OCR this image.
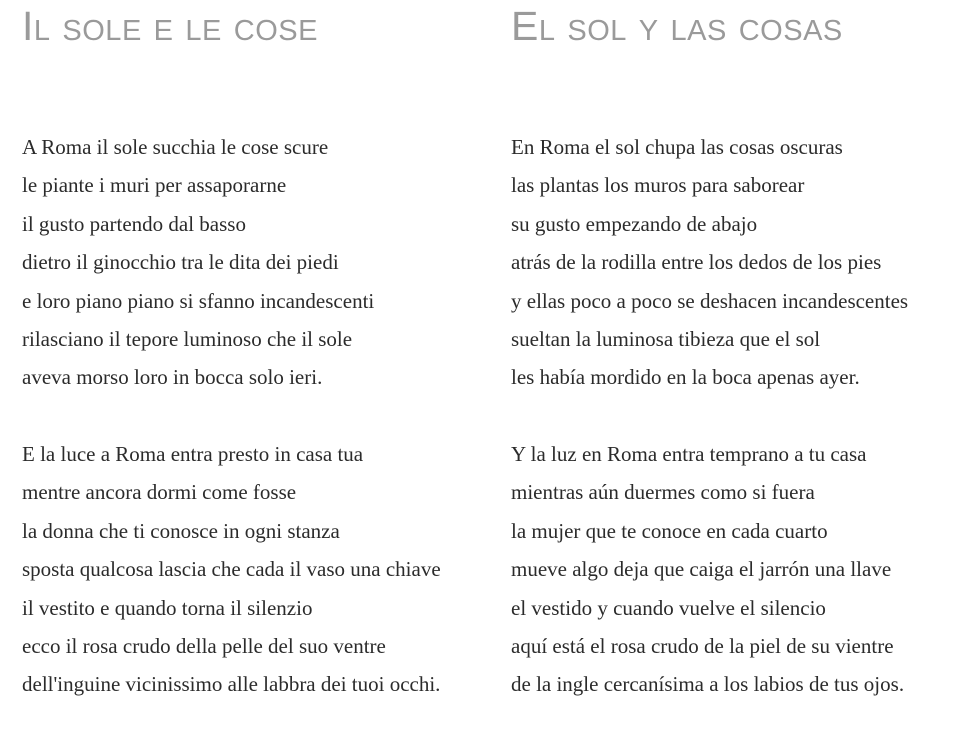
Il sole e le cose
A Roma il sole succhia le cose scure
le piante i muri per assaporarne
il gusto partendo dal basso
dietro il ginocchio tra le dita dei piedi
e loro piano piano si sfanno incandescenti
rilasciano il tepore luminoso che il sole
aveva morso loro in bocca solo ieri.
E la luce a Roma entra presto in casa tua
mentre ancora dormi come fosse
la donna che ti conosce in ogni stanza
sposta qualcosa lascia che cada il vaso una chiave
il vestito e quando torna il silenzio
ecco il rosa crudo della pelle del suo ventre
dell'inguine vicinissimo alle labbra dei tuoi occhi.
El sol y las cosas
En Roma el sol chupa las cosas oscuras
las plantas los muros para saborear
su gusto empezando de abajo
atrás de la rodilla entre los dedos de los pies
y ellas poco a poco se deshacen incandescentes
sueltan la luminosa tibieza que el sol
les había mordido en la boca apenas ayer.
Y la luz en Roma entra temprano a tu casa
mientras aún duermes como si fuera
la mujer que te conoce en cada cuarto
mueve algo deja que caiga el jarrón una llave
el vestido y cuando vuelve el silencio
aquí está el rosa crudo de la piel de su vientre
de la ingle cercanísima a los labios de tus ojos.
